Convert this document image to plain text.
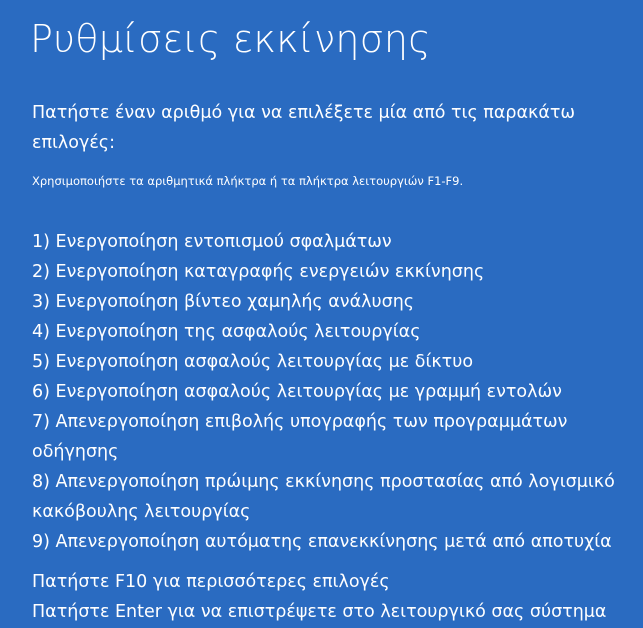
Ρυθμίσεις εκκίνησης
Πατήστε έναν αριθμό για να επιλέξετε μία από τις παρακάτω επιλογές:
Χρησιμοποιήστε τα αριθμητικά πλήκτρα ή τα πλήκτρα λειτουργιών F1-F9.
1) Ενεργοποίηση εντοπισμού σφαλμάτων
2) Ενεργοποίηση καταγραφής ενεργειών εκκίνησης
3) Ενεργοποίηση βίντεο χαμηλής ανάλυσης
4) Ενεργοποίηση της ασφαλούς λειτουργίας
5) Ενεργοποίηση ασφαλούς λειτουργίας με δίκτυο
6) Ενεργοποίηση ασφαλούς λειτουργίας με γραμμή εντολών
7) Απενεργοποίηση επιβολής υπογραφής των προγραμμάτων οδήγησης
8) Απενεργοποίηση πρώιμης εκκίνησης προστασίας από λογισμικό κακόβουλης λειτουργίας
9) Απενεργοποίηση αυτόματης επανεκκίνησης μετά από αποτυχία
Πατήστε F10 για περισσότερες επιλογές
Πατήστε Enter για να επιστρέψετε στο λειτουργικό σας σύστημα
